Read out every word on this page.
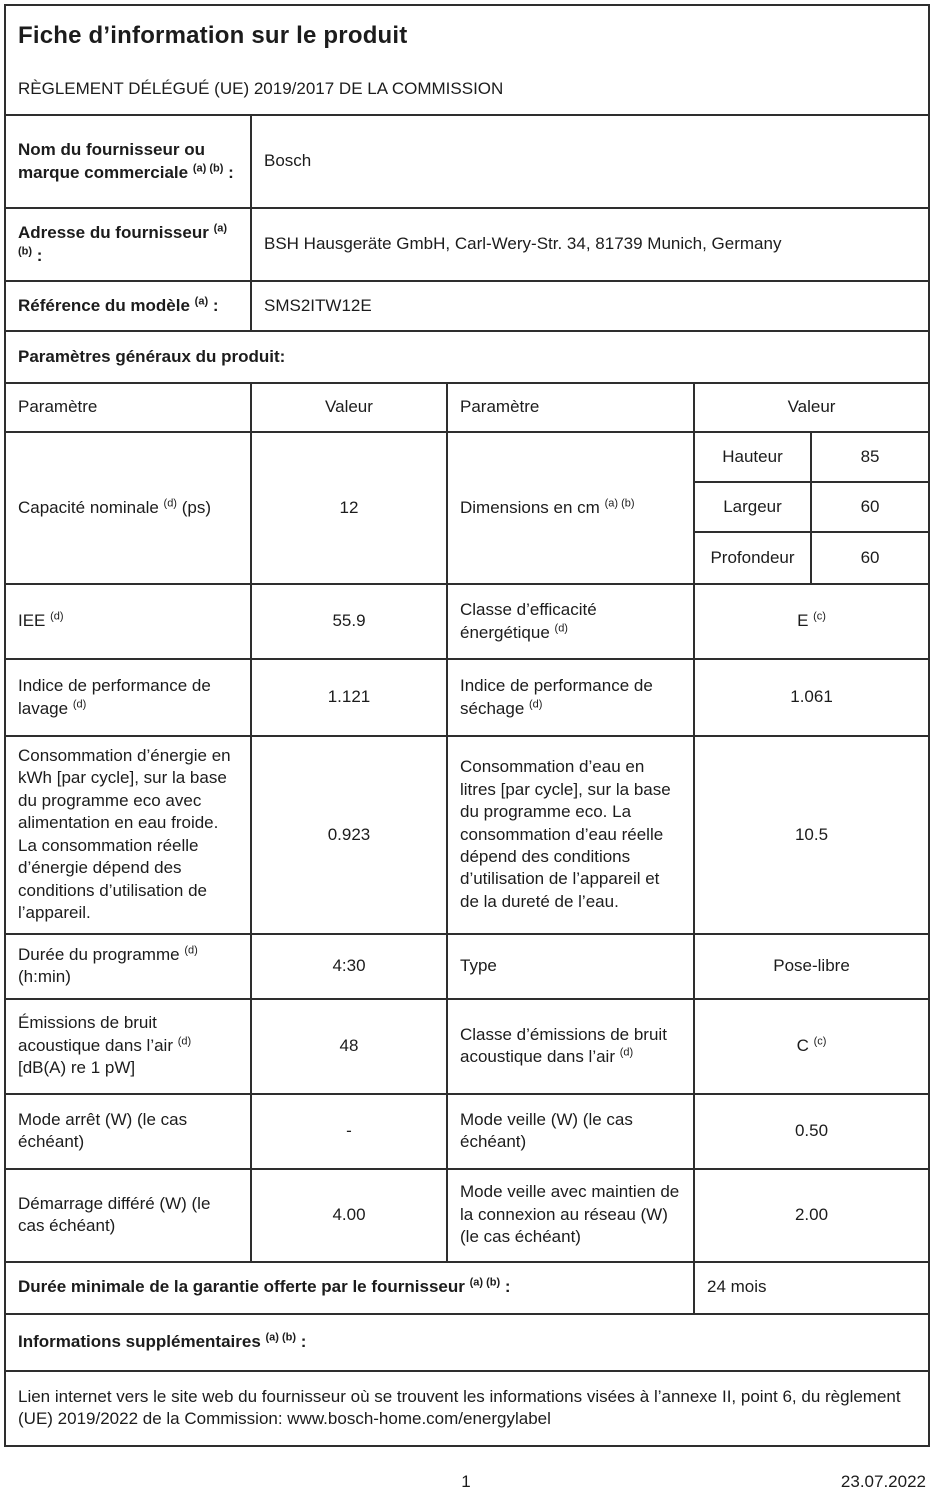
Fiche d’information sur le produit
RÈGLEMENT DÉLÉGUÉ (UE) 2019/2017 DE LA COMMISSION				

Nom du fournisseur ou marque commerciale $^{(a) (b)}$ :	Bosch			
Adresse du fournisseur $^{(a) (b)}$ :	BSH Hausgeräte GmbH, Carl-Wery-Str. 34, 81739 Munich, Germany			
Référence du modèle $^{(a)}$ :	SMS2ITW12E			
Paramètres généraux du produit:				
Paramètre	Valeur	Paramètre	Valeur	
Capacité nominale $^{(d)}$ (ps)	12	Dimensions en cm $^{(a) (b)}$	Hauteur	85
			Largeur	60
			Profondeur	60
IEE $^{(d)}$	55.9	Classe d’efficacité énergétique $^{(d)}$	E $^{(c)}$
Indice de performance de lavage $^{(d)}$	1.121	Indice de performance de séchage $^{(d)}$	1.061	
Consommation d’énergie en kWh [par cycle], sur la base du programme eco avec alimentation en eau froide. La consommation réelle d’énergie dépend des conditions d’utilisation de l’appareil.	0.923	Consommation d’eau en litres [par cycle], sur la base du programme eco. La consommation d’eau réelle dépend des conditions d’utilisation de l’appareil et de la dureté de l’eau.	10.5	
Durée du programme $^{(d)}$ (h:min)	4:30	Type	Pose-libre	
Émissions de bruit acoustique dans l’air $^{(d)}$ [dB(A) re 1 pW]	48	Classe d’émissions de bruit acoustique dans l’air $^{(d)}$	C $^{(c)}$
Mode arrêt (W) (le cas échéant)	-	Mode veille (W) (le cas échéant)	0.50	
Démarrage différé (W) (le cas échéant)	4.00	Mode veille avec maintien de la connexion au réseau (W) (le cas échéant)	2.00	
Durée minimale de la garantie offerte par le fournisseur $^{(a) (b)}$ :			24 mois	
Informations supplémentaires $^{(a) (b)}$ :				
Lien internet vers le site web du fournisseur où se trouvent les informations visées à l’annexe II, point 6, du règlement (UE) 2019/2022 de la Commission: www.bosch-home.com/energylabel				
1	23.07.2022
